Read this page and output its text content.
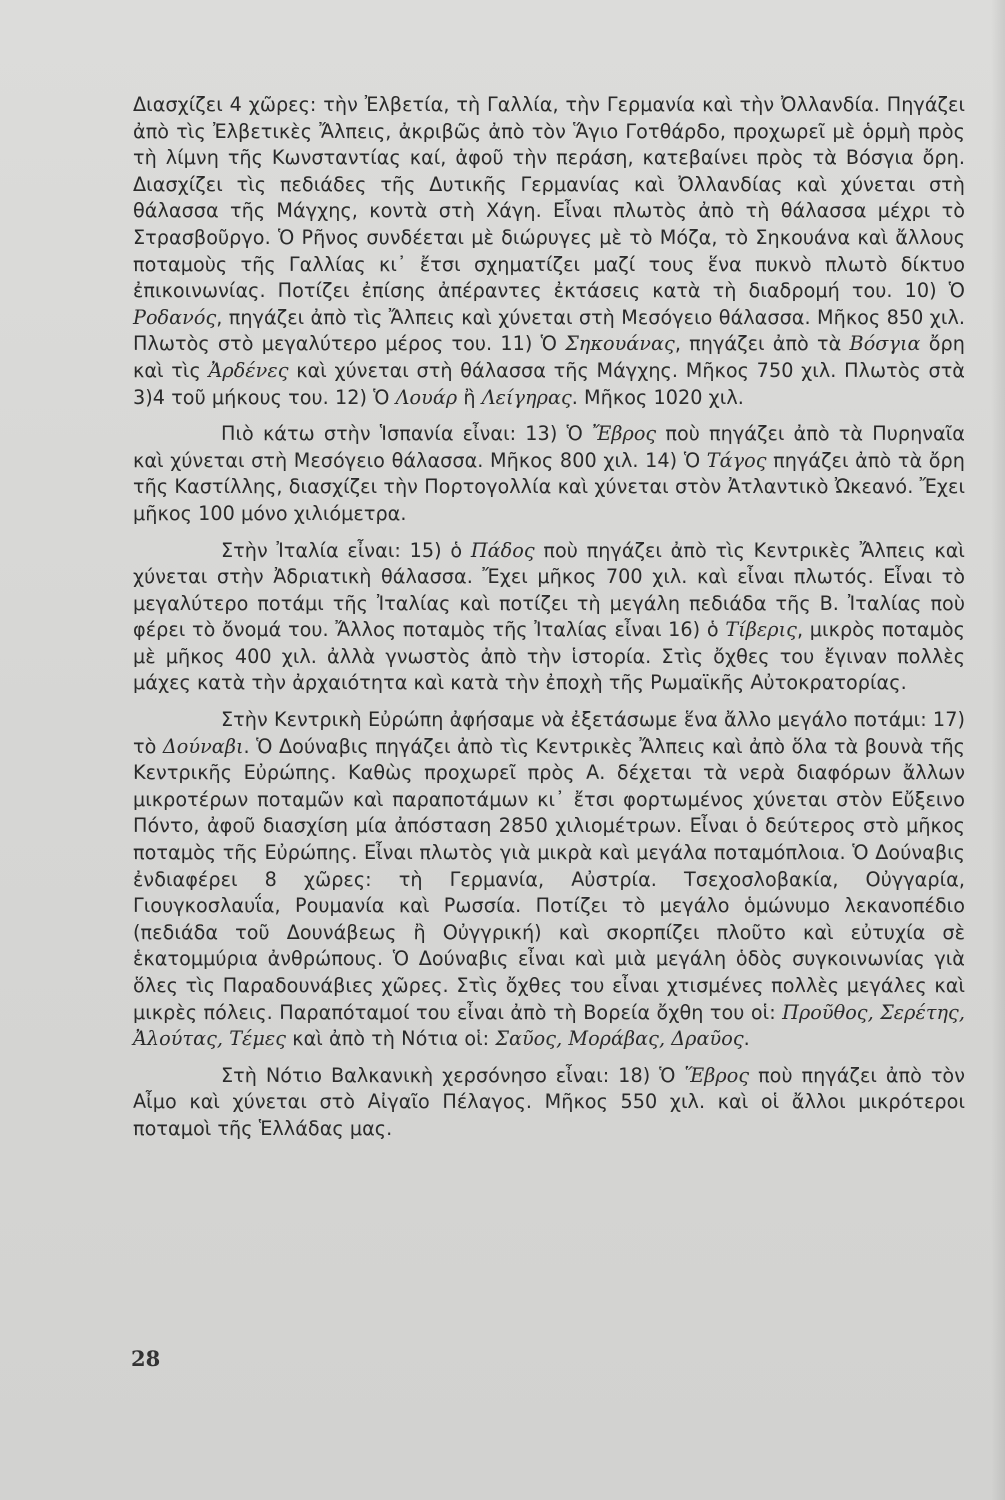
Διασχίζει 4 χῶρες: τὴν Ἐλβετία, τὴ Γαλλία, τὴν Γερμανία καὶ τὴν Ὀλλανδία. Πηγάζει ἀπὸ τὶς Ἐλβετικὲς Ἄλπεις, ἀκριβῶς ἀπὸ τὸν Ἅγιο Γοτθάρδο, προχωρεῖ μὲ ὁρμὴ πρὸς τὴ λίμνη τῆς Κωνσταντίας καί, ἀφοῦ τὴν περάση, κατεβαίνει πρὸς τὰ Βόσγια ὄρη. Διασχίζει τὶς πεδιάδες τῆς Δυτικῆς Γερμανίας καὶ Ὀλλανδίας καὶ χύνεται στὴ θάλασσα τῆς Μάγχης, κοντὰ στὴ Χάγη. Εἶναι πλωτὸς ἀπὸ τὴ θάλασσα μέχρι τὸ Στρασβοῦργο. Ὁ Ρῆνος συνδέεται μὲ διώρυγες μὲ τὸ Μόζα, τὸ Σηκουάνα καὶ ἄλλους ποταμοὺς τῆς Γαλλίας κι᾽ ἔτσι σχηματίζει μαζί τους ἕνα πυκνὸ πλωτὸ δίκτυο ἐπικοινωνίας. Ποτίζει ἐπίσης ἀπέραντες ἐκτάσεις κατὰ τὴ διαδρομή του. 10) Ὁ Ροδανός, πηγάζει ἀπὸ τὶς Ἄλπεις καὶ χύνεται στὴ Μεσόγειο θάλασσα. Μῆκος 850 χιλ. Πλωτὸς στὸ μεγαλύτερο μέρος του. 11) Ὁ Σηκουάνας, πηγάζει ἀπὸ τὰ Βόσγια ὄρη καὶ τὶς Ἀρδένες καὶ χύνεται στὴ θάλασσα τῆς Μάγχης. Μῆκος 750 χιλ. Πλωτὸς στὰ 3)4 τοῦ μήκους του. 12) Ὁ Λουάρ ἢ Λείγηρας. Μῆκος 1020 χιλ.

Πιὸ κάτω στὴν Ἱσπανία εἶναι: 13) Ὁ Ἔβρος ποὺ πηγάζει ἀπὸ τὰ Πυρηναῖα καὶ χύνεται στὴ Μεσόγειο θάλασσα. Μῆκος 800 χιλ. 14) Ὁ Τάγος πηγάζει ἀπὸ τὰ ὄρη τῆς Καστίλλης, διασχίζει τὴν Πορτογολλία καὶ χύνεται στὸν Ἀτλαντικὸ Ὠκεανό. Ἔχει μῆκος 100 μόνο χιλιόμετρα.

Στὴν Ἰταλία εἶναι: 15) ὁ Πάδος ποὺ πηγάζει ἀπὸ τὶς Κεντρικὲς Ἄλπεις καὶ χύνεται στὴν Ἀδριατικὴ θάλασσα. Ἔχει μῆκος 700 χιλ. καὶ εἶναι πλωτός. Εἶναι τὸ μεγαλύτερο ποτάμι τῆς Ἰταλίας καὶ ποτίζει τὴ μεγάλη πεδιάδα τῆς Β. Ἰταλίας ποὺ φέρει τὸ ὄνομά του. Ἄλλος ποταμὸς τῆς Ἰταλίας εἶναι 16) ὁ Τίβερις, μικρὸς ποταμὸς μὲ μῆκος 400 χιλ. ἀλλὰ γνωστὸς ἀπὸ τὴν ἱστορία. Στὶς ὄχθες του ἔγιναν πολλὲς μάχες κατὰ τὴν ἀρχαιότητα καὶ κατὰ τὴν ἐποχὴ τῆς Ρωμαϊκῆς Αὐτοκρατορίας.

Στὴν Κεντρικὴ Εὐρώπη ἀφήσαμε νὰ ἐξετάσωμε ἕνα ἄλλο μεγάλο ποτάμι: 17) τὸ Δούναβι. Ὁ Δούναβις πηγάζει ἀπὸ τὶς Κεντρικὲς Ἄλπεις καὶ ἀπὸ ὅλα τὰ βουνὰ τῆς Κεντρικῆς Εὐρώπης. Καθὼς προχωρεῖ πρὸς Α. δέχεται τὰ νερὰ διαφόρων ἄλλων μικροτέρων ποταμῶν καὶ παραποτάμων κι᾽ ἔτσι φορτωμένος χύνεται στὸν Εὔξεινο Πόντο, ἀφοῦ διασχίση μία ἀπόσταση 2850 χιλιομέτρων. Εἶναι ὁ δεύτερος στὸ μῆκος ποταμὸς τῆς Εὐρώπης. Εἶναι πλωτὸς γιὰ μικρὰ καὶ μεγάλα ποταμόπλοια. Ὁ Δούναβις ἐνδιαφέρει 8 χῶρες: τὴ Γερμανία, Αὐστρία. Τσεχοσλοβακία, Οὐγγαρία, Γιουγκοσλαυΐα, Ρουμανία καὶ Ρωσσία. Ποτίζει τὸ μεγάλο ὁμώνυμο λεκανοπέδιο (πεδιάδα τοῦ Δουνάβεως ἢ Οὐγγρική) καὶ σκορπίζει πλοῦτο καὶ εὐτυχία σὲ ἑκατομμύρια ἀνθρώπους. Ὁ Δούναβις εἶναι καὶ μιὰ μεγάλη ὁδὸς συγκοινωνίας γιὰ ὅλες τὶς Παραδουνάβιες χῶρες. Στὶς ὄχθες του εἶναι χτισμένες πολλὲς μεγάλες καὶ μικρὲς πόλεις. Παραπόταμοί του εἶναι ἀπὸ τὴ Βορεία ὄχθη του οἱ: Προῦθος, Σερέτης, Ἀλούτας, Τέμες καὶ ἀπὸ τὴ Νότια οἱ: Σαῦος, Μοράβας, Δραῦος.

Στὴ Νότιο Βαλκανικὴ χερσόνησο εἶναι: 18) Ὁ Ἕβρος ποὺ πηγάζει ἀπὸ τὸν Αἶμο καὶ χύνεται στὸ Αἰγαῖο Πέλαγος. Μῆκος 550 χιλ. καὶ οἱ ἄλλοι μικρότεροι ποταμοὶ τῆς Ἑλλάδας μας.

28
